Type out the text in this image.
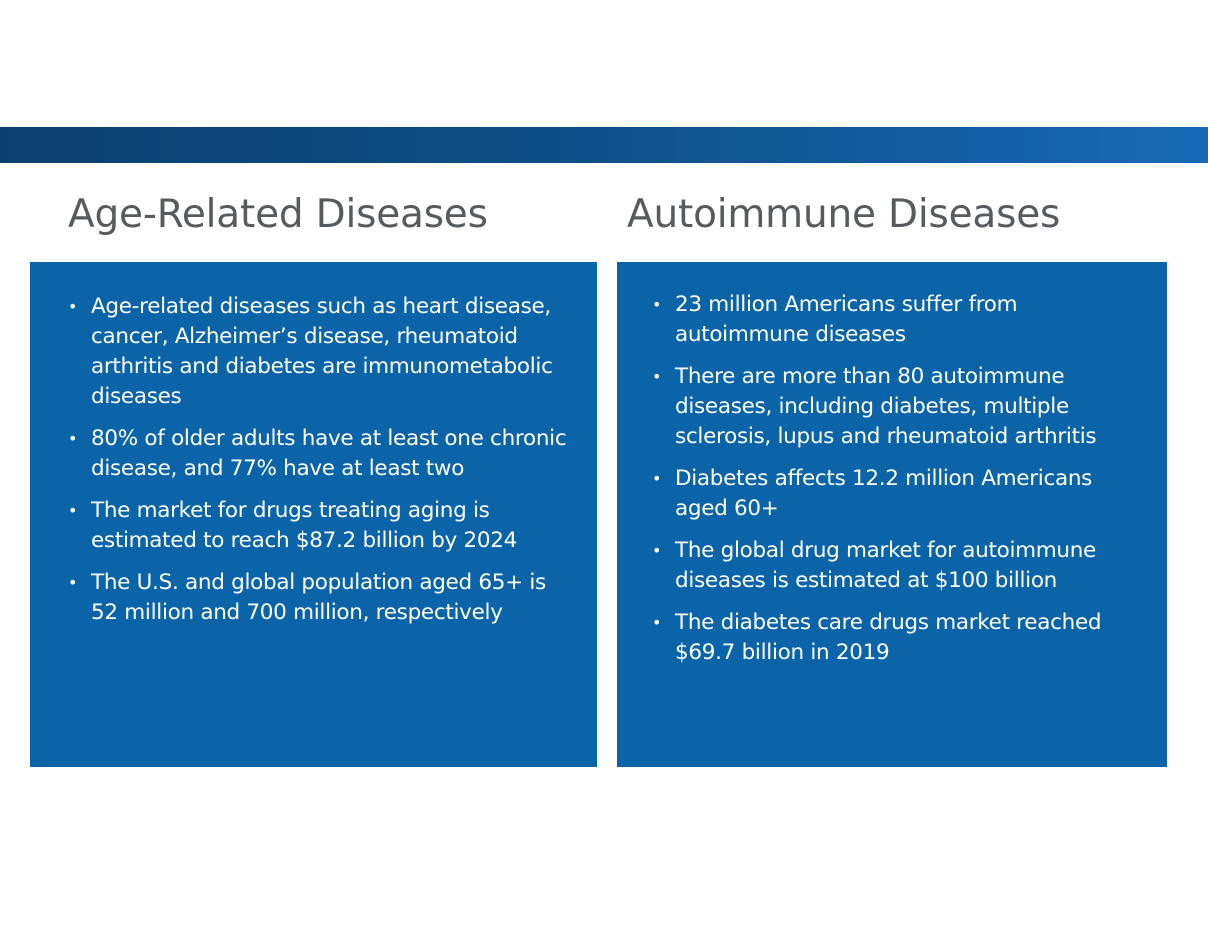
Age-Related Diseases	Autoimmune Diseases
• Age-related diseases such as heart disease, cancer, Alzheimer’s disease, rheumatoid arthritis and diabetes are immunometabolic diseases
• 80% of older adults have at least one chronic disease, and 77% have at least two
• The market for drugs treating aging is estimated to reach $87.2 billion by 2024
• The U.S. and global population aged 65+ is 52 million and 700 million, respectively
• 23 million Americans suffer from autoimmune diseases
• There are more than 80 autoimmune diseases, including diabetes, multiple sclerosis, lupus and rheumatoid arthritis
• Diabetes affects 12.2 million Americans aged 60+
• The global drug market for autoimmune diseases is estimated at $100 billion
• The diabetes care drugs market reached $69.7 billion in 2019
